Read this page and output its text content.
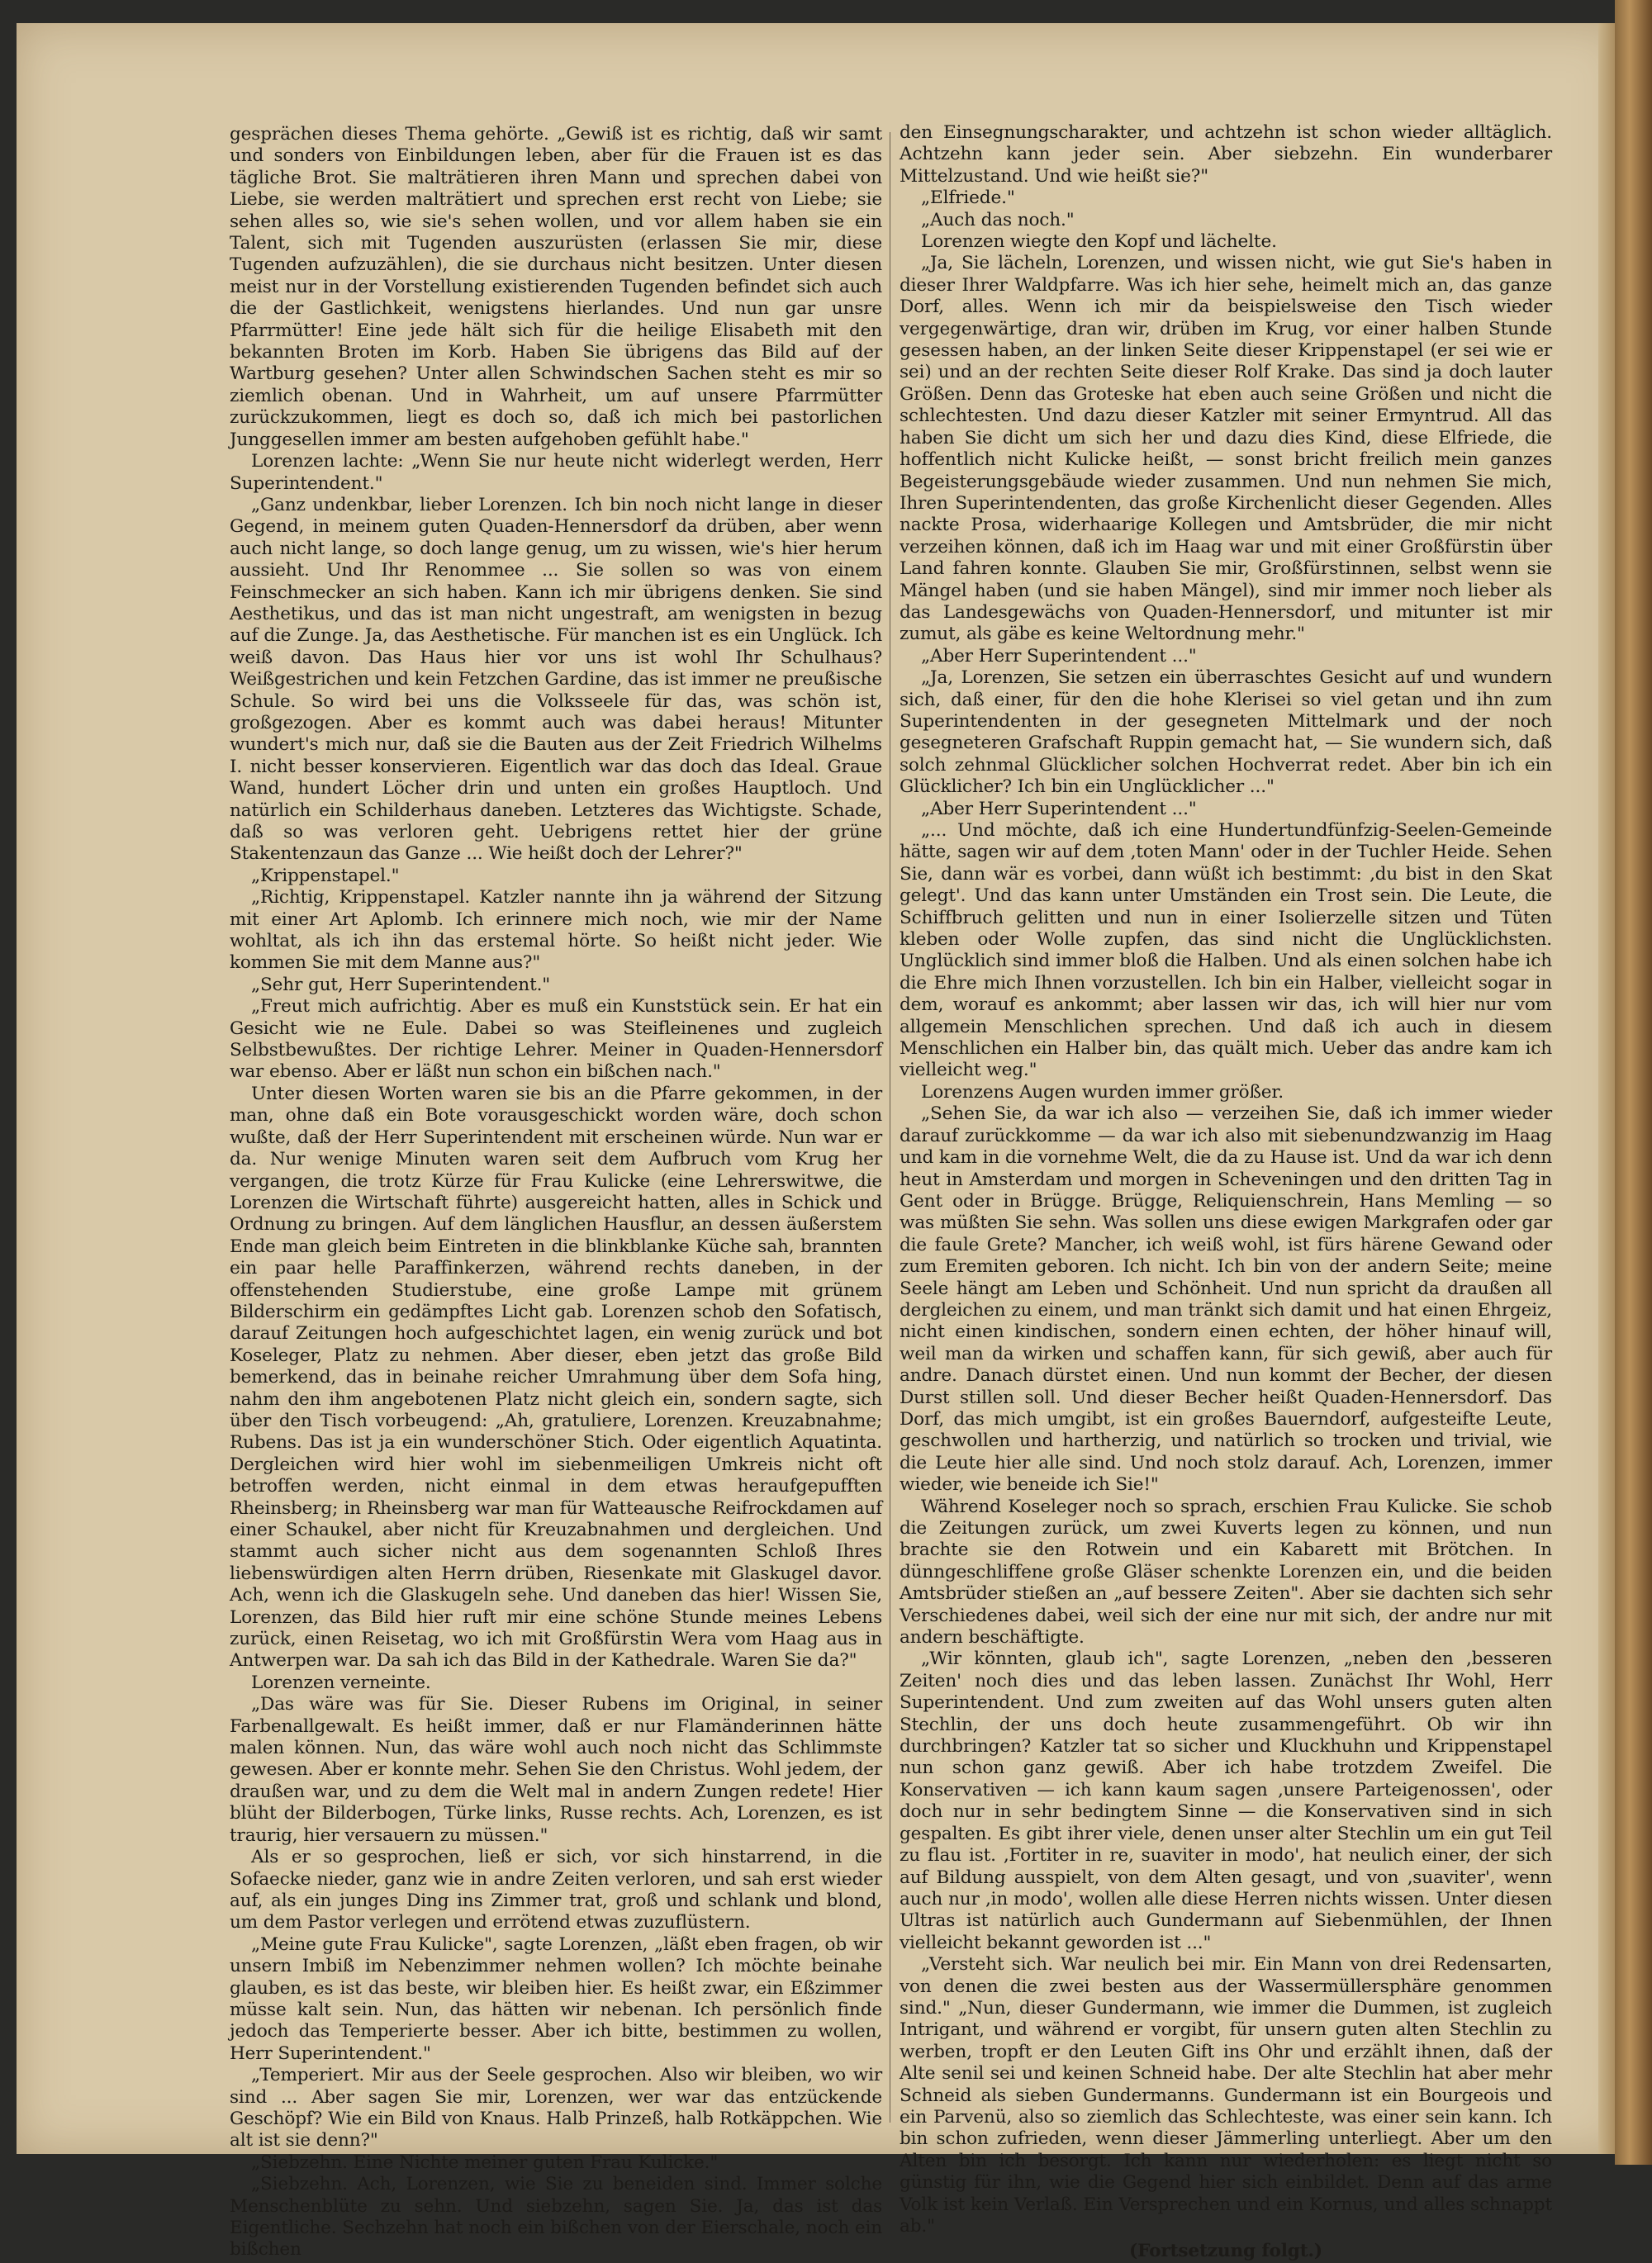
gesprächen dieses Thema gehörte. „Gewiß ist es richtig, daß wir samt und sonders von Einbildungen leben, aber für die Frauen ist es das tägliche Brot. Sie malträtieren ihren Mann und sprechen dabei von Liebe, sie werden malträtiert und sprechen erst recht von Liebe; sie sehen alles so, wie sie's sehen wollen, und vor allem haben sie ein Talent, sich mit Tugenden auszurüsten (erlassen Sie mir, diese Tugenden aufzuzählen), die sie durchaus nicht besitzen. Unter diesen meist nur in der Vorstellung existierenden Tugenden befindet sich auch die der Gastlichkeit, wenigstens hierlandes. Und nun gar unsre Pfarrmütter! Eine jede hält sich für die heilige Elisabeth mit den bekannten Broten im Korb. Haben Sie übrigens das Bild auf der Wartburg gesehen? Unter allen Schwindschen Sachen steht es mir so ziemlich obenan. Und in Wahrheit, um auf unsere Pfarrmütter zurückzukommen, liegt es doch so, daß ich mich bei pastorlichen Junggesellen immer am besten aufgehoben gefühlt habe."

Lorenzen lachte: „Wenn Sie nur heute nicht widerlegt werden, Herr Superintendent."

„Ganz undenkbar, lieber Lorenzen. Ich bin noch nicht lange in dieser Gegend, in meinem guten Quaden-Hennersdorf da drüben, aber wenn auch nicht lange, so doch lange genug, um zu wissen, wie's hier herum aussieht. Und Ihr Renommee ... Sie sollen so was von einem Feinschmecker an sich haben. Kann ich mir übrigens denken. Sie sind Aesthetikus, und das ist man nicht ungestraft, am wenigsten in bezug auf die Zunge. Ja, das Aesthetische. Für manchen ist es ein Unglück. Ich weiß davon. Das Haus hier vor uns ist wohl Ihr Schulhaus? Weißgestrichen und kein Fetzchen Gardine, das ist immer ne preußische Schule. So wird bei uns die Volksseele für das, was schön ist, großgezogen. Aber es kommt auch was dabei heraus! Mitunter wundert's mich nur, daß sie die Bauten aus der Zeit Friedrich Wilhelms I. nicht besser konservieren. Eigentlich war das doch das Ideal. Graue Wand, hundert Löcher drin und unten ein großes Hauptloch. Und natürlich ein Schilderhaus daneben. Letzteres das Wichtigste. Schade, daß so was verloren geht. Uebrigens rettet hier der grüne Stakentenzaun das Ganze ... Wie heißt doch der Lehrer?"

„Krippenstapel."

„Richtig, Krippenstapel. Katzler nannte ihn ja während der Sitzung mit einer Art Aplomb. Ich erinnere mich noch, wie mir der Name wohltat, als ich ihn das erstemal hörte. So heißt nicht jeder. Wie kommen Sie mit dem Manne aus?"

„Sehr gut, Herr Superintendent."

„Freut mich aufrichtig. Aber es muß ein Kunststück sein. Er hat ein Gesicht wie ne Eule. Dabei so was Steifleinenes und zugleich Selbstbewußtes. Der richtige Lehrer. Meiner in Quaden-Hennersdorf war ebenso. Aber er läßt nun schon ein bißchen nach."

Unter diesen Worten waren sie bis an die Pfarre gekommen, in der man, ohne daß ein Bote vorausgeschickt worden wäre, doch schon wußte, daß der Herr Superintendent mit erscheinen würde. Nun war er da. Nur wenige Minuten waren seit dem Aufbruch vom Krug her vergangen, die trotz Kürze für Frau Kulicke (eine Lehrerswitwe, die Lorenzen die Wirtschaft führte) ausgereicht hatten, alles in Schick und Ordnung zu bringen. Auf dem länglichen Hausflur, an dessen äußerstem Ende man gleich beim Eintreten in die blinkblanke Küche sah, brannten ein paar helle Paraffinkerzen, während rechts daneben, in der offenstehenden Studierstube, eine große Lampe mit grünem Bilderschirm ein gedämpftes Licht gab. Lorenzen schob den Sofatisch, darauf Zeitungen hoch aufgeschichtet lagen, ein wenig zurück und bot Koseleger, Platz zu nehmen. Aber dieser, eben jetzt das große Bild bemerkend, das in beinahe reicher Umrahmung über dem Sofa hing, nahm den ihm angebotenen Platz nicht gleich ein, sondern sagte, sich über den Tisch vorbeugend: „Ah, gratuliere, Lorenzen. Kreuzabnahme; Rubens. Das ist ja ein wunderschöner Stich. Oder eigentlich Aquatinta. Dergleichen wird hier wohl im siebenmeiligen Umkreis nicht oft betroffen werden, nicht einmal in dem etwas heraufgepufften Rheinsberg; in Rheinsberg war man für Watteausche Reifrockdamen auf einer Schaukel, aber nicht für Kreuzabnahmen und dergleichen. Und stammt auch sicher nicht aus dem sogenannten Schloß Ihres liebenswürdigen alten Herrn drüben, Riesenkate mit Glaskugel davor. Ach, wenn ich die Glaskugeln sehe. Und daneben das hier! Wissen Sie, Lorenzen, das Bild hier ruft mir eine schöne Stunde meines Lebens zurück, einen Reisetag, wo ich mit Großfürstin Wera vom Haag aus in Antwerpen war. Da sah ich das Bild in der Kathedrale. Waren Sie da?"

Lorenzen verneinte.

„Das wäre was für Sie. Dieser Rubens im Original, in seiner Farbenallgewalt. Es heißt immer, daß er nur Flamänderinnen hätte malen können. Nun, das wäre wohl auch noch nicht das Schlimmste gewesen. Aber er konnte mehr. Sehen Sie den Christus. Wohl jedem, der draußen war, und zu dem die Welt mal in andern Zungen redete! Hier blüht der Bilderbogen, Türke links, Russe rechts. Ach, Lorenzen, es ist traurig, hier versauern zu müssen."

Als er so gesprochen, ließ er sich, vor sich hinstarrend, in die Sofaecke nieder, ganz wie in andre Zeiten verloren, und sah erst wieder auf, als ein junges Ding ins Zimmer trat, groß und schlank und blond, um dem Pastor verlegen und errötend etwas zuzuflüstern.

„Meine gute Frau Kulicke", sagte Lorenzen, „läßt eben fragen, ob wir unsern Imbiß im Nebenzimmer nehmen wollen? Ich möchte beinahe glauben, es ist das beste, wir bleiben hier. Es heißt zwar, ein Eßzimmer müsse kalt sein. Nun, das hätten wir nebenan. Ich persönlich finde jedoch das Temperierte besser. Aber ich bitte, bestimmen zu wollen, Herr Superintendent."

„Temperiert. Mir aus der Seele gesprochen. Also wir bleiben, wo wir sind ... Aber sagen Sie mir, Lorenzen, wer war das entzückende Geschöpf? Wie ein Bild von Knaus. Halb Prinzeß, halb Rotkäppchen. Wie alt ist sie denn?"

„Siebzehn. Eine Nichte meiner guten Frau Kulicke."

„Siebzehn. Ach, Lorenzen, wie Sie zu beneiden sind. Immer solche Menschenblüte zu sehn. Und siebzehn, sagen Sie. Ja, das ist das Eigentliche. Sechzehn hat noch ein bißchen von der Eierschale, noch ein bißchen

den Einsegnungscharakter, und achtzehn ist schon wieder alltäglich. Achtzehn kann jeder sein. Aber siebzehn. Ein wunderbarer Mittelzustand. Und wie heißt sie?"

„Elfriede."

„Auch das noch."

Lorenzen wiegte den Kopf und lächelte.

„Ja, Sie lächeln, Lorenzen, und wissen nicht, wie gut Sie's haben in dieser Ihrer Waldpfarre. Was ich hier sehe, heimelt mich an, das ganze Dorf, alles. Wenn ich mir da beispielsweise den Tisch wieder vergegenwärtige, dran wir, drüben im Krug, vor einer halben Stunde gesessen haben, an der linken Seite dieser Krippenstapel (er sei wie er sei) und an der rechten Seite dieser Rolf Krake. Das sind ja doch lauter Größen. Denn das Groteske hat eben auch seine Größen und nicht die schlechtesten. Und dazu dieser Katzler mit seiner Ermyntrud. All das haben Sie dicht um sich her und dazu dies Kind, diese Elfriede, die hoffentlich nicht Kulicke heißt, — sonst bricht freilich mein ganzes Begeisterungsgebäude wieder zusammen. Und nun nehmen Sie mich, Ihren Superintendenten, das große Kirchenlicht dieser Gegenden. Alles nackte Prosa, widerhaarige Kollegen und Amtsbrüder, die mir nicht verzeihen können, daß ich im Haag war und mit einer Großfürstin über Land fahren konnte. Glauben Sie mir, Großfürstinnen, selbst wenn sie Mängel haben (und sie haben Mängel), sind mir immer noch lieber als das Landesgewächs von Quaden-Hennersdorf, und mitunter ist mir zumut, als gäbe es keine Weltordnung mehr."

„Aber Herr Superintendent ..."

„Ja, Lorenzen, Sie setzen ein überraschtes Gesicht auf und wundern sich, daß einer, für den die hohe Klerisei so viel getan und ihn zum Superintendenten in der gesegneten Mittelmark und der noch gesegneteren Grafschaft Ruppin gemacht hat, — Sie wundern sich, daß solch zehnmal Glücklicher solchen Hochverrat redet. Aber bin ich ein Glücklicher? Ich bin ein Unglücklicher ..."

„Aber Herr Superintendent ..."

„... Und möchte, daß ich eine Hundertundfünfzig-Seelen-Gemeinde hätte, sagen wir auf dem ‚toten Mann' oder in der Tuchler Heide. Sehen Sie, dann wär es vorbei, dann wüßt ich bestimmt: ‚du bist in den Skat gelegt'. Und das kann unter Umständen ein Trost sein. Die Leute, die Schiffbruch gelitten und nun in einer Isolierzelle sitzen und Tüten kleben oder Wolle zupfen, das sind nicht die Unglücklichsten. Unglücklich sind immer bloß die Halben. Und als einen solchen habe ich die Ehre mich Ihnen vorzustellen. Ich bin ein Halber, vielleicht sogar in dem, worauf es ankommt; aber lassen wir das, ich will hier nur vom allgemein Menschlichen sprechen. Und daß ich auch in diesem Menschlichen ein Halber bin, das quält mich. Ueber das andre kam ich vielleicht weg."

Lorenzens Augen wurden immer größer.

„Sehen Sie, da war ich also — verzeihen Sie, daß ich immer wieder darauf zurückkomme — da war ich also mit siebenundzwanzig im Haag und kam in die vornehme Welt, die da zu Hause ist. Und da war ich denn heut in Amsterdam und morgen in Scheveningen und den dritten Tag in Gent oder in Brügge. Brügge, Reliquienschrein, Hans Memling — so was müßten Sie sehn. Was sollen uns diese ewigen Markgrafen oder gar die faule Grete? Mancher, ich weiß wohl, ist fürs härene Gewand oder zum Eremiten geboren. Ich nicht. Ich bin von der andern Seite; meine Seele hängt am Leben und Schönheit. Und nun spricht da draußen all dergleichen zu einem, und man tränkt sich damit und hat einen Ehrgeiz, nicht einen kindischen, sondern einen echten, der höher hinauf will, weil man da wirken und schaffen kann, für sich gewiß, aber auch für andre. Danach dürstet einen. Und nun kommt der Becher, der diesen Durst stillen soll. Und dieser Becher heißt Quaden-Hennersdorf. Das Dorf, das mich umgibt, ist ein großes Bauerndorf, aufgesteifte Leute, geschwollen und hartherzig, und natürlich so trocken und trivial, wie die Leute hier alle sind. Und noch stolz darauf. Ach, Lorenzen, immer wieder, wie beneide ich Sie!"

Während Koseleger noch so sprach, erschien Frau Kulicke. Sie schob die Zeitungen zurück, um zwei Kuverts legen zu können, und nun brachte sie den Rotwein und ein Kabarett mit Brötchen. In dünngeschliffene große Gläser schenkte Lorenzen ein, und die beiden Amtsbrüder stießen an „auf bessere Zeiten". Aber sie dachten sich sehr Verschiedenes dabei, weil sich der eine nur mit sich, der andre nur mit andern beschäftigte.

„Wir könnten, glaub ich", sagte Lorenzen, „neben den ‚besseren Zeiten' noch dies und das leben lassen. Zunächst Ihr Wohl, Herr Superintendent. Und zum zweiten auf das Wohl unsers guten alten Stechlin, der uns doch heute zusammengeführt. Ob wir ihn durchbringen? Katzler tat so sicher und Kluckhuhn und Krippenstapel nun schon ganz gewiß. Aber ich habe trotzdem Zweifel. Die Konservativen — ich kann kaum sagen ‚unsere Parteigenossen', oder doch nur in sehr bedingtem Sinne — die Konservativen sind in sich gespalten. Es gibt ihrer viele, denen unser alter Stechlin um ein gut Teil zu flau ist. ‚Fortiter in re, suaviter in modo', hat neulich einer, der sich auf Bildung ausspielt, von dem Alten gesagt, und von ‚suaviter', wenn auch nur ‚in modo', wollen alle diese Herren nichts wissen. Unter diesen Ultras ist natürlich auch Gundermann auf Siebenmühlen, der Ihnen vielleicht bekannt geworden ist ..."

„Versteht sich. War neulich bei mir. Ein Mann von drei Redensarten, von denen die zwei besten aus der Wassermüllersphäre genommen sind." „Nun, dieser Gundermann, wie immer die Dummen, ist zugleich Intrigant, und während er vorgibt, für unsern guten alten Stechlin zu werben, tropft er den Leuten Gift ins Ohr und erzählt ihnen, daß der Alte senil sei und keinen Schneid habe. Der alte Stechlin hat aber mehr Schneid als sieben Gundermanns. Gundermann ist ein Bourgeois und ein Parvenü, also so ziemlich das Schlechteste, was einer sein kann. Ich bin schon zufrieden, wenn dieser Jämmerling unterliegt. Aber um den Alten bin ich besorgt. Ich kann nur wiederholen: es liegt nicht so günstig für ihn, wie die Gegend hier sich einbildet. Denn auf das arme Volk ist kein Verlaß. Ein Versprechen und ein Kornus, und alles schnappt ab."

(Fortsetzung folgt.)
